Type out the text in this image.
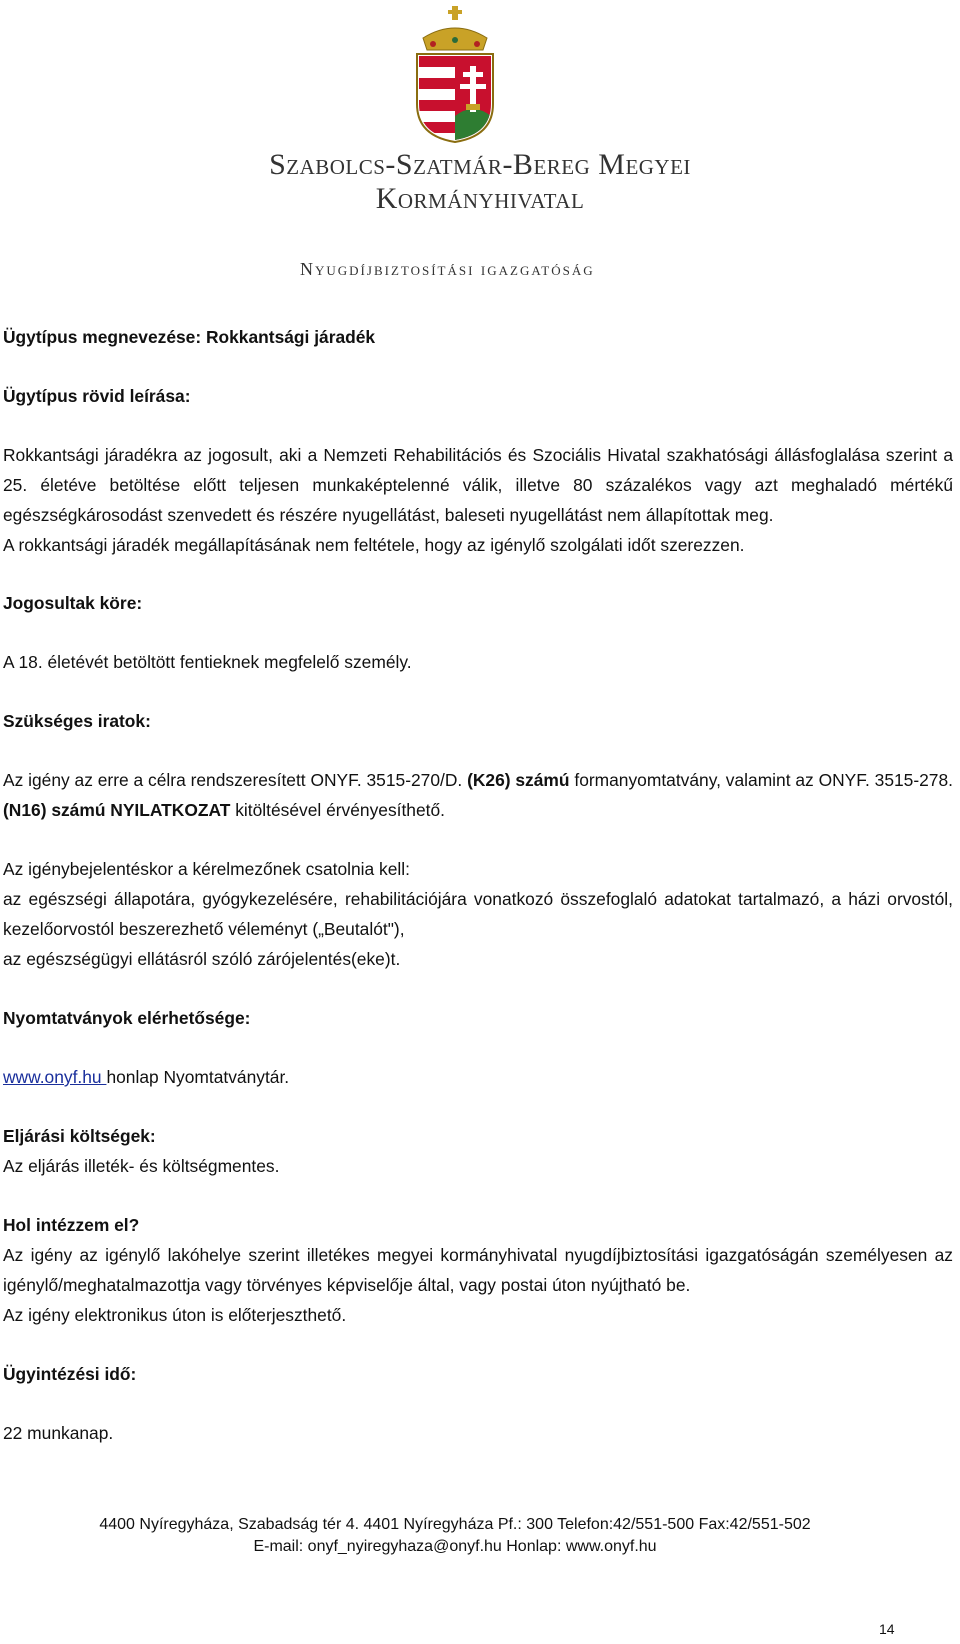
Szabolcs-Szatmár-Bereg Megyei
Kormányhivatal
Nyugdíjbiztosítási igazgatóság

Ügytípus megnevezése: Rokkantsági járadék

Ügytípus rövid leírása:

Rokkantsági járadékra az jogosult, aki a Nemzeti Rehabilitációs és Szociális Hivatal szakhatósági állásfoglalása szerint a 25. életéve betöltése előtt teljesen munkaképtelenné válik, illetve 80 százalékos vagy azt meghaladó mértékű egészségkárosodást szenvedett és részére nyugellátást, baleseti nyugellátást nem állapítottak meg.

A rokkantsági járadék megállapításának nem feltétele, hogy az igénylő szolgálati időt szerezzen.

Jogosultak köre:

A 18. életévét betöltött fentieknek megfelelő személy.

Szükséges iratok:

Az igény az erre a célra rendszeresített ONYF. 3515-270/D. (K26) számú formanyomtatvány, valamint az ONYF. 3515-278. (N16) számú NYILATKOZAT kitöltésével érvényesíthető.

Az igénybejelentéskor a kérelmezőnek csatolnia kell:

az egészségi állapotára, gyógykezelésére, rehabilitációjára vonatkozó összefoglaló adatokat tartalmazó, a házi orvostól, kezelőorvostól beszerezhető véleményt („Beutalót"),

az egészségügyi ellátásról szóló zárójelentés(eke)t.

Nyomtatványok elérhetősége:

www.onyf.hu honlap Nyomtatványtár.

Eljárási költségek:

Az eljárás illeték- és költségmentes.

Hol intézzem el?

Az igény az igénylő lakóhelye szerint illetékes megyei kormányhivatal nyugdíjbiztosítási igazgatóságán személyesen az igénylő/meghatalmazottja vagy törvényes képviselője által, vagy postai úton nyújtható be.

Az igény elektronikus úton is előterjeszthető.

Ügyintézési idő:

22 munkanap.

4400 Nyíregyháza, Szabadság tér 4. 4401 Nyíregyháza Pf.: 300 Telefon:42/551-500 Fax:42/551-502
E-mail: onyf_nyiregyhaza@onyf.hu Honlap: www.onyf.hu
14
